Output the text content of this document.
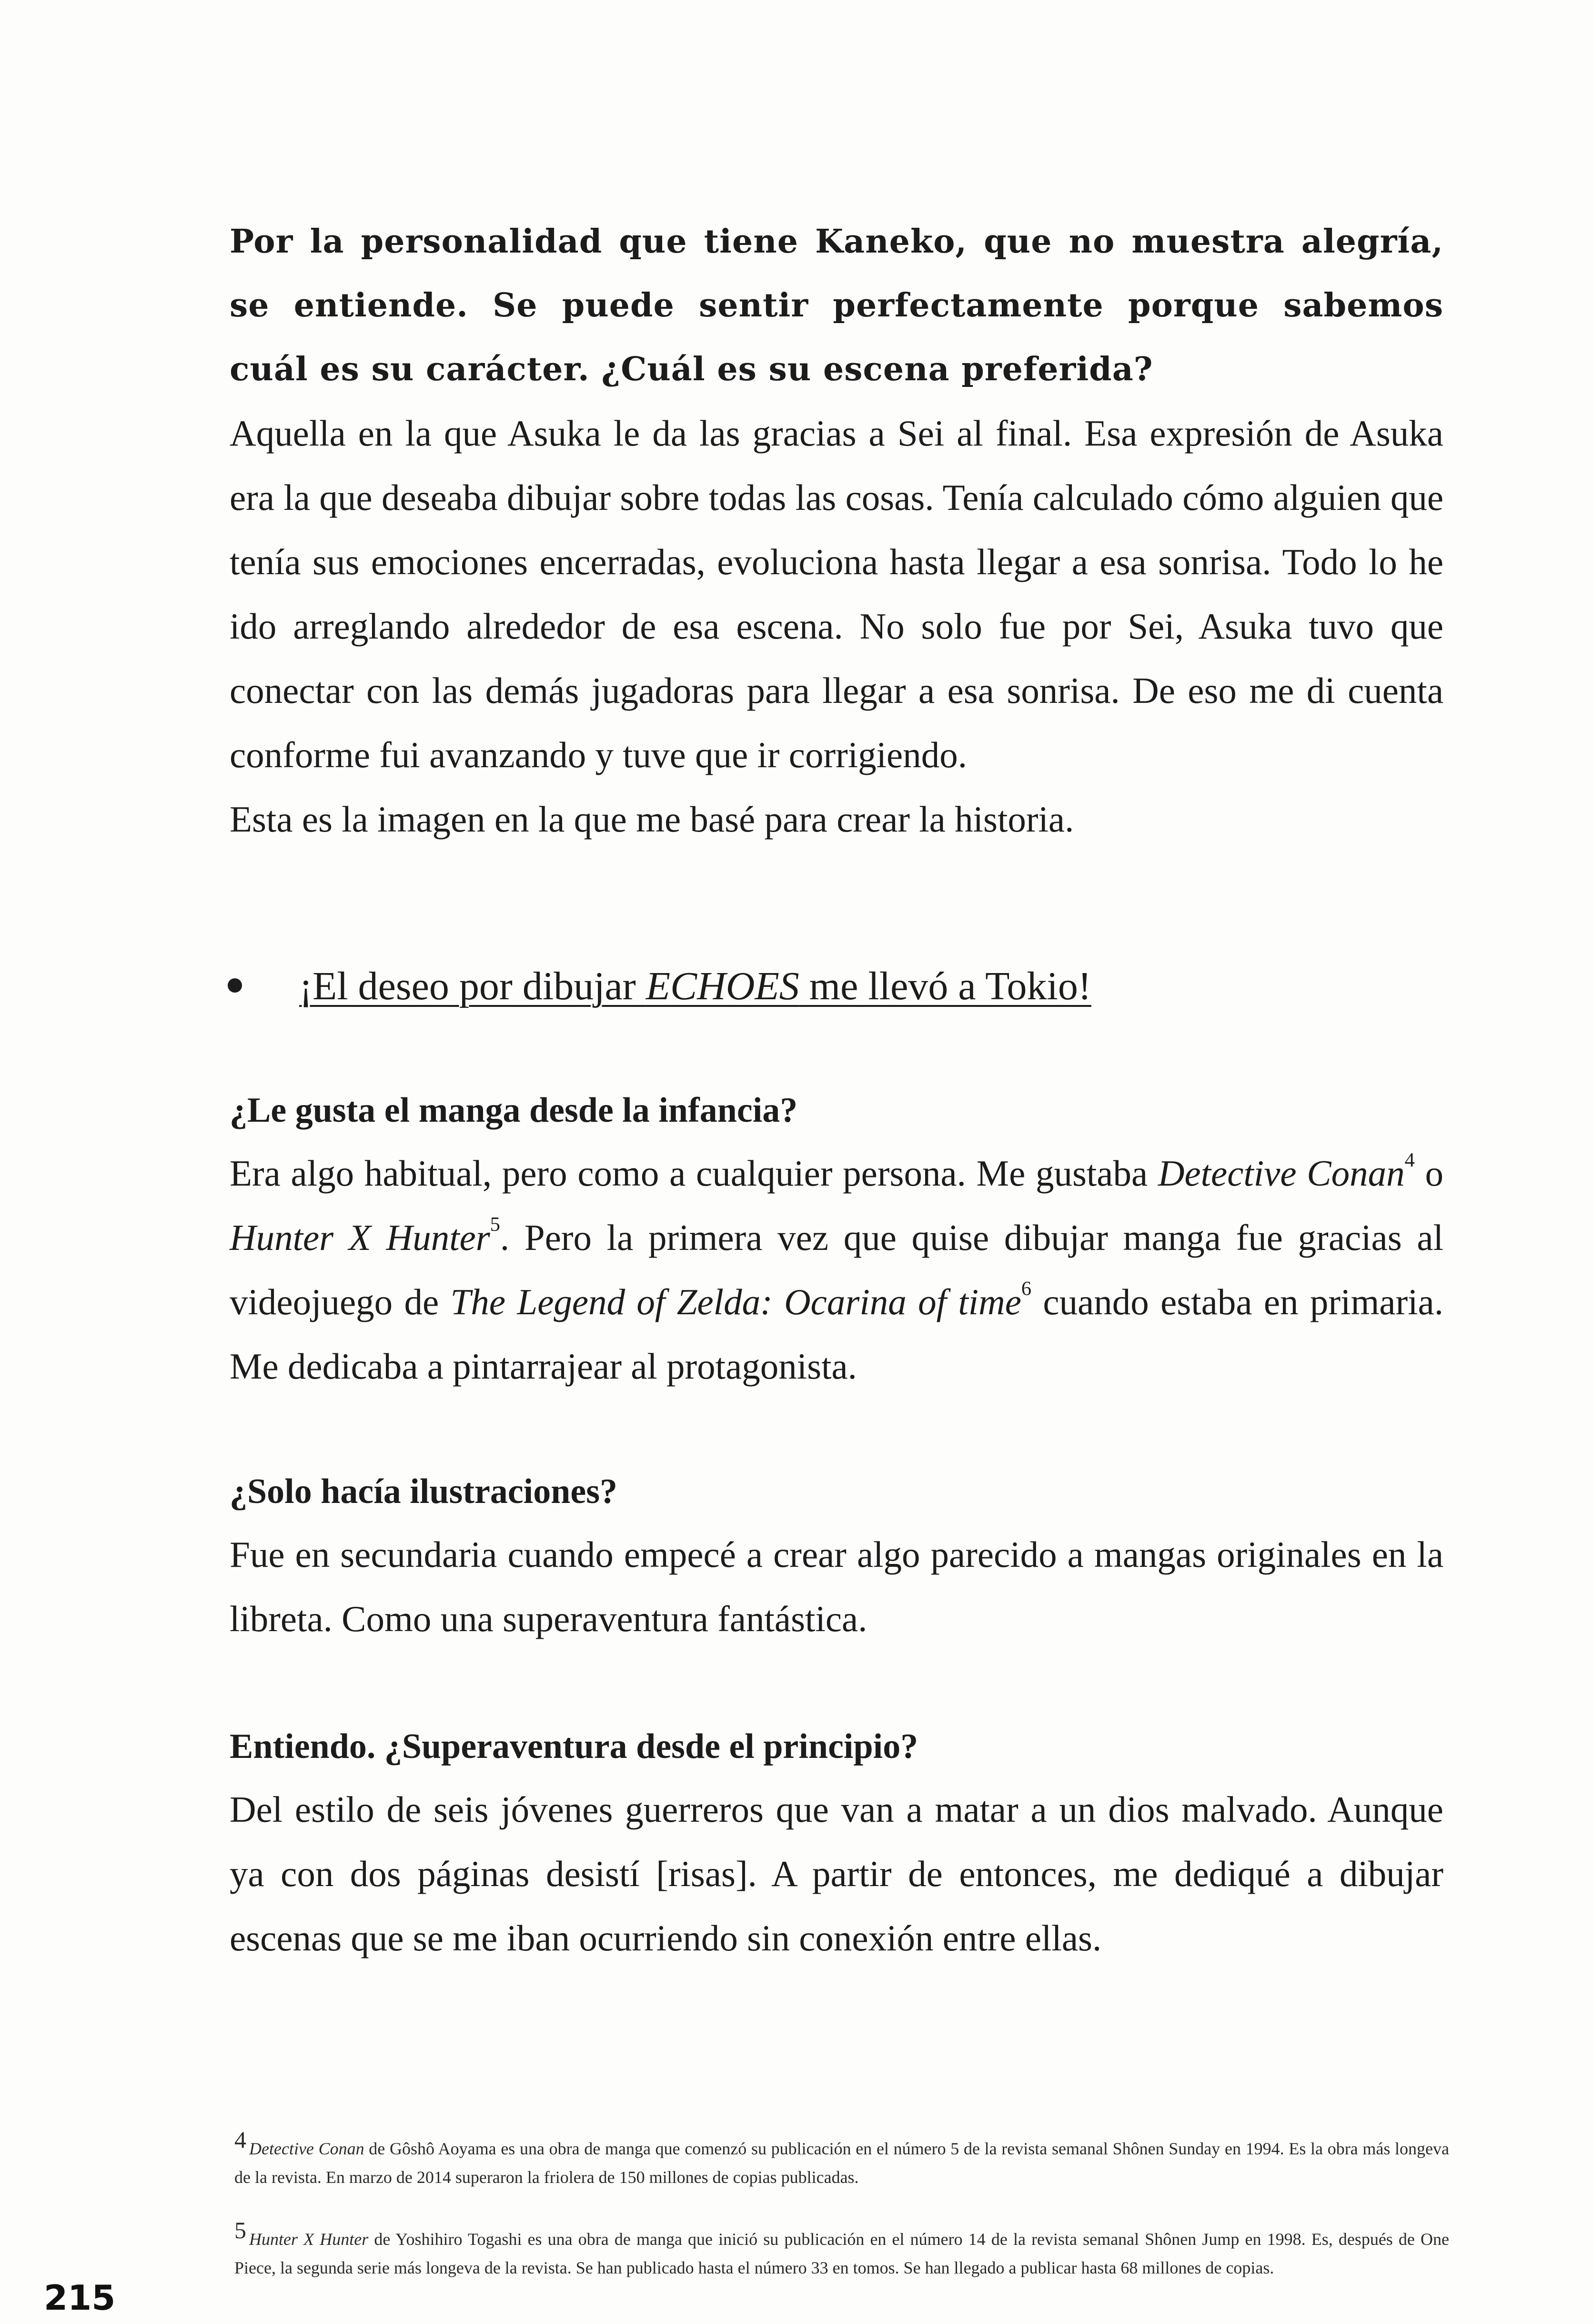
Por la personalidad que tiene Kaneko, que no muestra alegría, se entiende. Se puede sentir perfectamente porque sabemos cuál es su carácter. ¿Cuál es su escena preferida?

Aquella en la que Asuka le da las gracias a Sei al final. Esa expresión de Asuka era la que deseaba dibujar sobre todas las cosas. Tenía calculado cómo alguien que tenía sus emociones encerradas, evoluciona hasta llegar a esa sonrisa. Todo lo he ido arreglando alrededor de esa escena. No solo fue por Sei, Asuka tuvo que conectar con las demás jugadoras para llegar a esa sonrisa. De eso me di cuenta conforme fui avanzando y tuve que ir corrigiendo.

Esta es la imagen en la que me basé para crear la historia.

¡El deseo por dibujar ECHOES me llevó a Tokio!

¿Le gusta el manga desde la infancia?

Era algo habitual, pero como a cualquier persona. Me gustaba Detective Conan$^4$ o Hunter X Hunter$^5$. Pero la primera vez que quise dibujar manga fue gracias al videojuego de The Legend of Zelda: Ocarina of time$^6$ cuando estaba en primaria. Me dedicaba a pintarrajear al protagonista.

¿Solo hacía ilustraciones?

Fue en secundaria cuando empecé a crear algo parecido a mangas originales en la libreta. Como una superaventura fantástica.

Entiendo. ¿Superaventura desde el principio?

Del estilo de seis jóvenes guerreros que van a matar a un dios malvado. Aunque ya con dos páginas desistí [risas]. A partir de entonces, me dediqué a dibujar escenas que se me iban ocurriendo sin conexión entre ellas.

4 Detective Conan de Gôshô Aoyama es una obra de manga que comenzó su publicación en el número 5 de la revista semanal Shônen Sunday en 1994. Es la obra más longeva de la revista. En marzo de 2014 superaron la friolera de 150 millones de copias publicadas.

5 Hunter X Hunter de Yoshihiro Togashi es una obra de manga que inició su publicación en el número 14 de la revista semanal Shônen Jump en 1998. Es, después de One Piece, la segunda serie más longeva de la revista. Se han publicado hasta el número 33 en tomos. Se han llegado a publicar hasta 68 millones de copias.

215
